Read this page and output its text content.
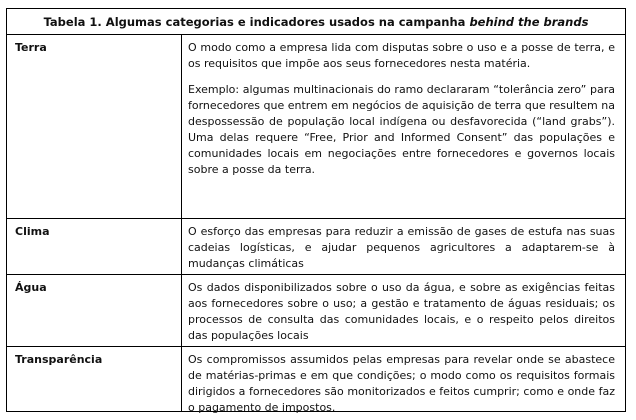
Tabela 1. Algumas categorias e indicadores usados na campanha behind the brands
Terra	O modo como a empresa lida com disputas sobre o uso e a posse de terra, e os requisitos que impõe aos seus fornecedores nesta matéria.

Exemplo: algumas multinacionais do ramo declararam “tolerância zero” para fornecedores que entrem em negócios de aquisição de terra que resultem na despossessão de população local indígena ou desfavorecida (“land grabs”). Uma delas requere “Free, Prior and Informed Consent” das populações e comunidades locais em negociações entre fornecedores e governos locais sobre a posse da terra.

Clima	O esforço das empresas para reduzir a emissão de gases de estufa nas suas cadeias logísticas, e ajudar pequenos agricultores a adaptarem-se à mudanças climáticas

Água	Os dados disponibilizados sobre o uso da água, e sobre as exigências feitas aos fornecedores sobre o uso; a gestão e tratamento de águas residuais; os processos de consulta das comunidades locais, e o respeito pelos direitos das populações locais

Transparência	Os compromissos assumidos pelas empresas para revelar onde se abastece de matérias-primas e em que condições; o modo como os requisitos formais dirigidos a fornecedores são monitorizados e feitos cumprir; como e onde faz o pagamento de impostos.
